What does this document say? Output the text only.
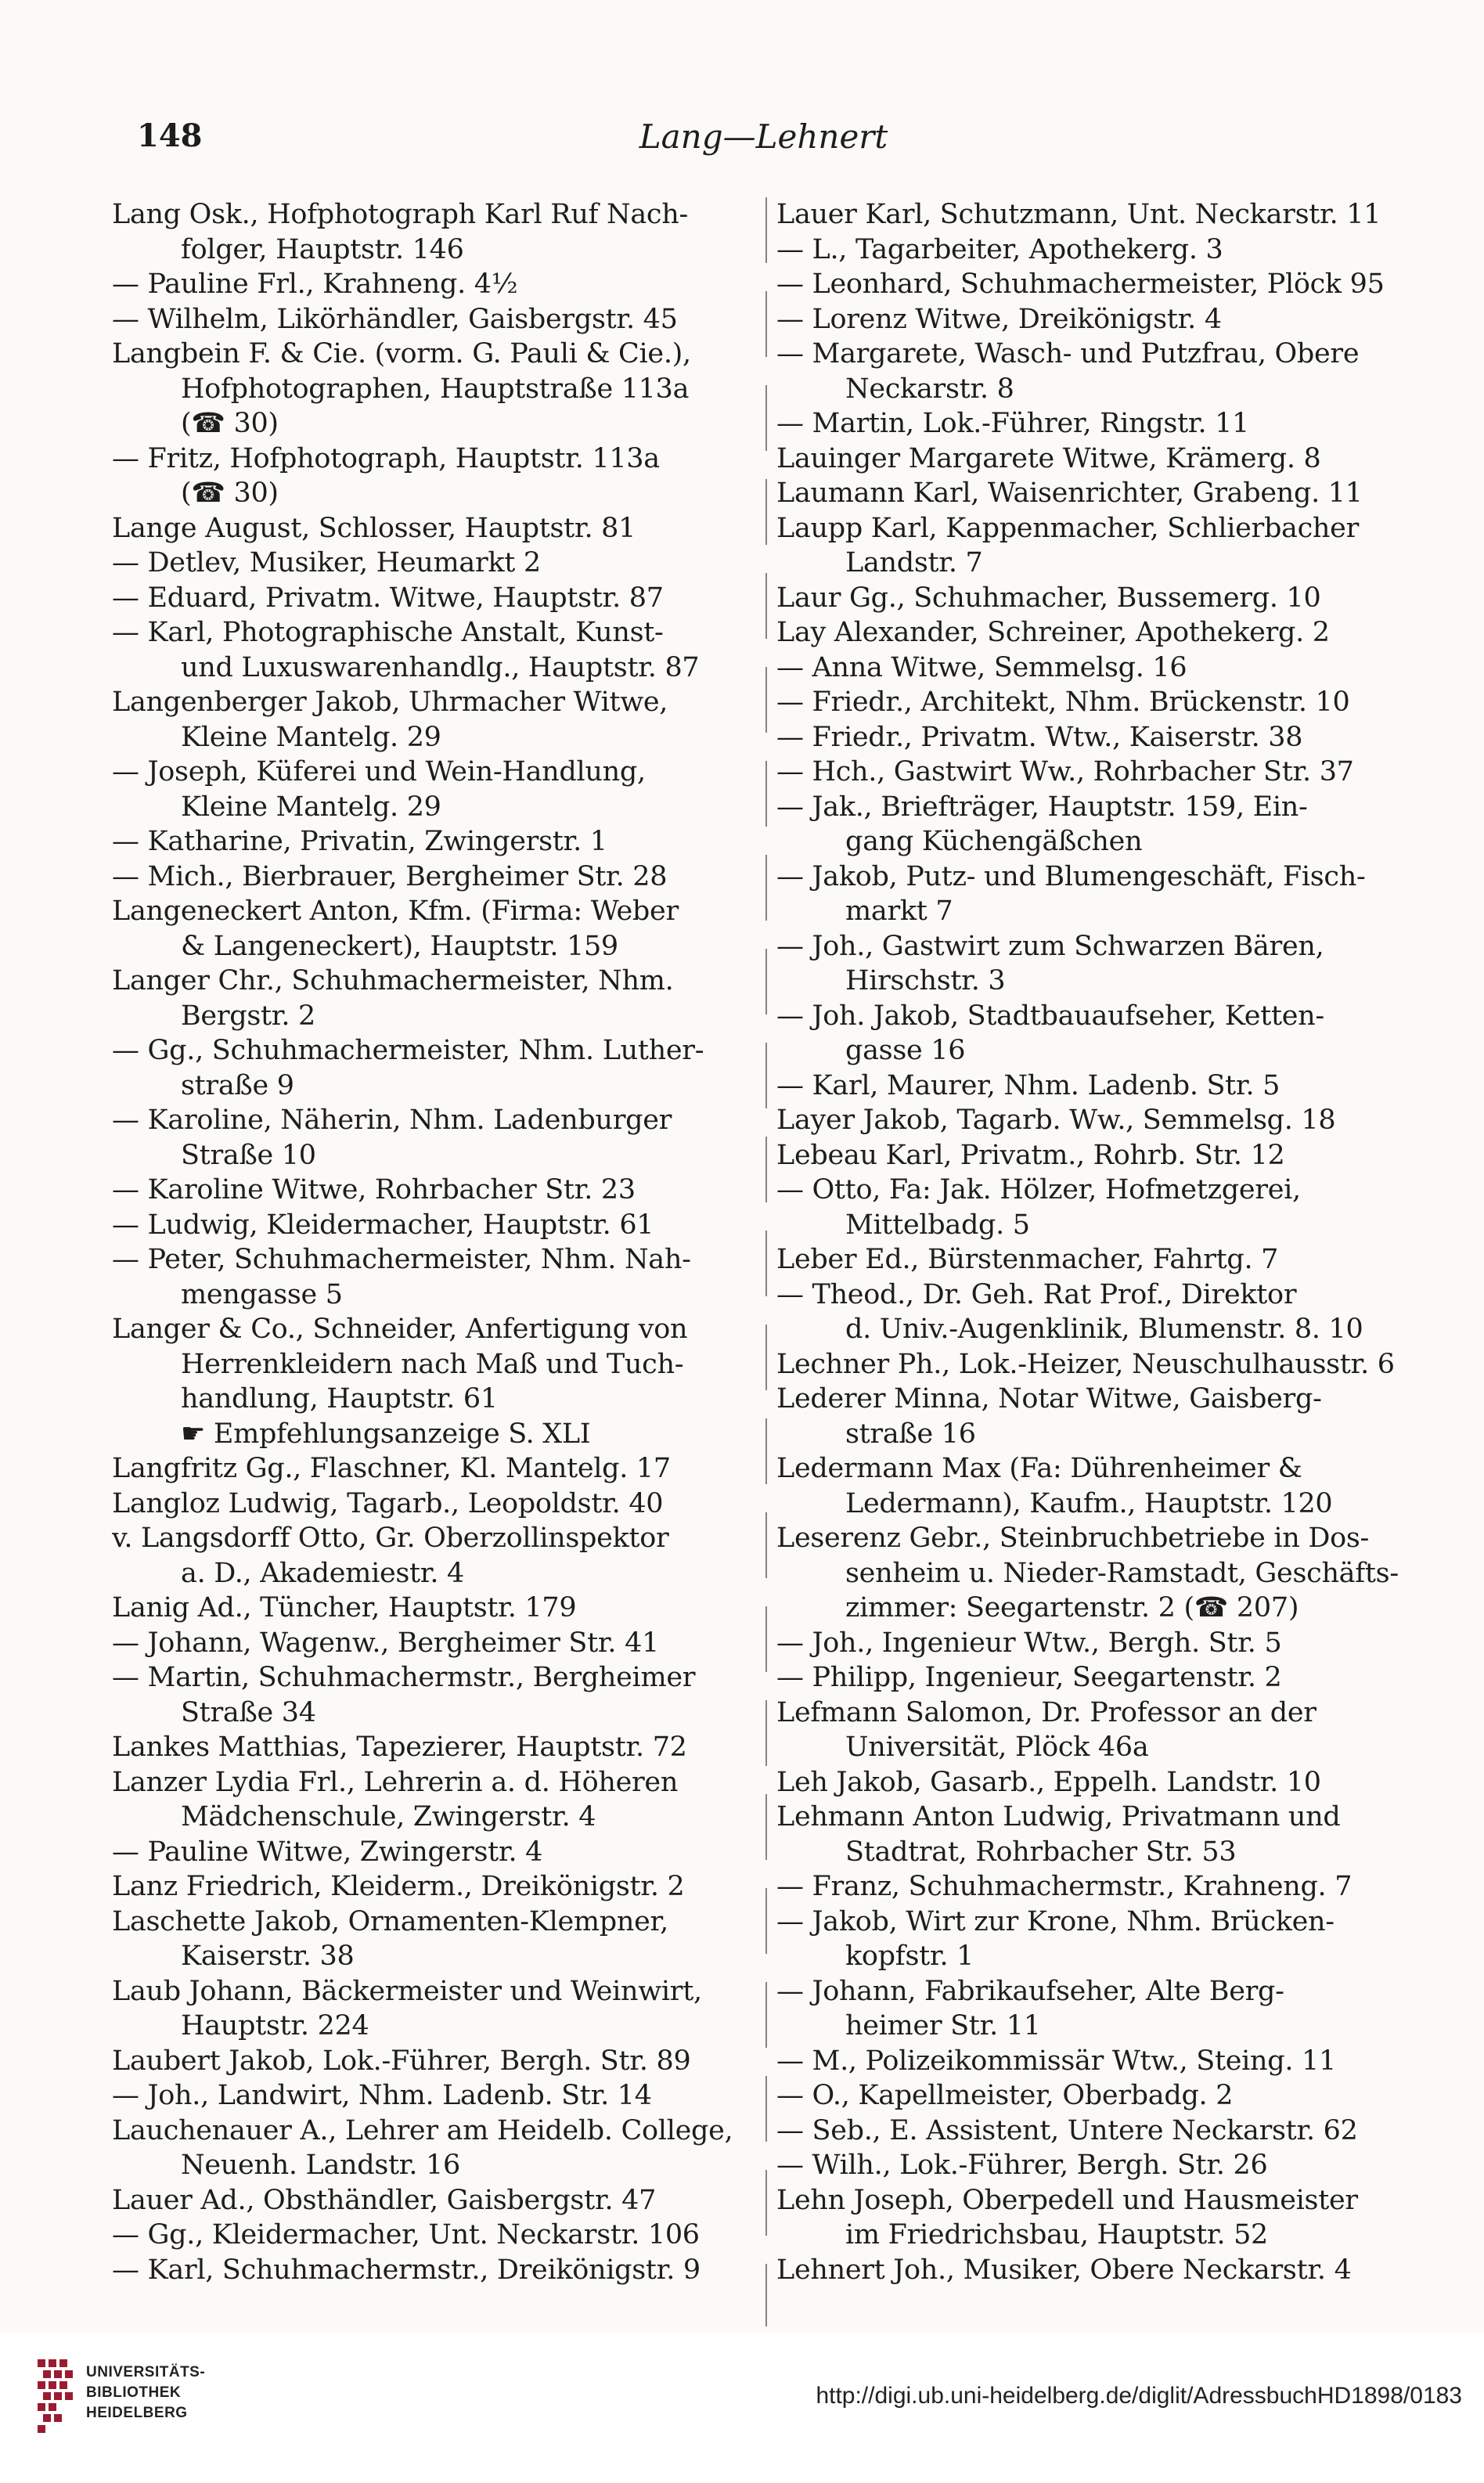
148	Lang—Lehnert
Lang Osk., Hofphotograph Karl Ruf Nach-
folger, Hauptstr. 146
— Pauline Frl., Krahneng. 4½
— Wilhelm, Likörhändler, Gaisbergstr. 45
Langbein F. & Cie. (vorm. G. Pauli & Cie.),
Hofphotographen, Hauptstraße 113a
(☎ 30)
— Fritz, Hofphotograph, Hauptstr. 113a
(☎ 30)
Lange August, Schlosser, Hauptstr. 81
— Detlev, Musiker, Heumarkt 2
— Eduard, Privatm. Witwe, Hauptstr. 87
— Karl, Photographische Anstalt, Kunst-
und Luxuswarenhandlg., Hauptstr. 87
Langenberger Jakob, Uhrmacher Witwe,
Kleine Mantelg. 29
— Joseph, Küferei und Wein-Handlung,
Kleine Mantelg. 29
— Katharine, Privatin, Zwingerstr. 1
— Mich., Bierbrauer, Bergheimer Str. 28
Langeneckert Anton, Kfm. (Firma: Weber
& Langeneckert), Hauptstr. 159
Langer Chr., Schuhmachermeister, Nhm.
Bergstr. 2
— Gg., Schuhmachermeister, Nhm. Luther-
straße 9
— Karoline, Näherin, Nhm. Ladenburger
Straße 10
— Karoline Witwe, Rohrbacher Str. 23
— Ludwig, Kleidermacher, Hauptstr. 61
— Peter, Schuhmachermeister, Nhm. Nah-
mengasse 5
Langer & Co., Schneider, Anfertigung von
Herrenkleidern nach Maß und Tuch-
handlung, Hauptstr. 61
☛ Empfehlungsanzeige S. XLI
Langfritz Gg., Flaschner, Kl. Mantelg. 17
Langloz Ludwig, Tagarb., Leopoldstr. 40
v. Langsdorff Otto, Gr. Oberzollinspektor
a. D., Akademiestr. 4
Lanig Ad., Tüncher, Hauptstr. 179
— Johann, Wagenw., Bergheimer Str. 41
— Martin, Schuhmachermstr., Bergheimer
Straße 34
Lankes Matthias, Tapezierer, Hauptstr. 72
Lanzer Lydia Frl., Lehrerin a. d. Höheren
Mädchenschule, Zwingerstr. 4
— Pauline Witwe, Zwingerstr. 4
Lanz Friedrich, Kleiderm., Dreikönigstr. 2
Laschette Jakob, Ornamenten-Klempner,
Kaiserstr. 38
Laub Johann, Bäckermeister und Weinwirt,
Hauptstr. 224
Laubert Jakob, Lok.-Führer, Bergh. Str. 89
— Joh., Landwirt, Nhm. Ladenb. Str. 14
Lauchenauer A., Lehrer am Heidelb. College,
Neuenh. Landstr. 16
Lauer Ad., Obsthändler, Gaisbergstr. 47
— Gg., Kleidermacher, Unt. Neckarstr. 106
— Karl, Schuhmachermstr., Dreikönigstr. 9
Lauer Karl, Schutzmann, Unt. Neckarstr. 11
— L., Tagarbeiter, Apothekerg. 3
— Leonhard, Schuhmachermeister, Plöck 95
— Lorenz Witwe, Dreikönigstr. 4
— Margarete, Wasch- und Putzfrau, Obere
Neckarstr. 8
— Martin, Lok.-Führer, Ringstr. 11
Lauinger Margarete Witwe, Krämerg. 8
Laumann Karl, Waisenrichter, Grabeng. 11
Laupp Karl, Kappenmacher, Schlierbacher
Landstr. 7
Laur Gg., Schuhmacher, Bussemerg. 10
Lay Alexander, Schreiner, Apothekerg. 2
— Anna Witwe, Semmelsg. 16
— Friedr., Architekt, Nhm. Brückenstr. 10
— Friedr., Privatm. Wtw., Kaiserstr. 38
— Hch., Gastwirt Ww., Rohrbacher Str. 37
— Jak., Briefträger, Hauptstr. 159, Ein-
gang Küchengäßchen
— Jakob, Putz- und Blumengeschäft, Fisch-
markt 7
— Joh., Gastwirt zum Schwarzen Bären,
Hirschstr. 3
— Joh. Jakob, Stadtbauaufseher, Ketten-
gasse 16
— Karl, Maurer, Nhm. Ladenb. Str. 5
Layer Jakob, Tagarb. Ww., Semmelsg. 18
Lebeau Karl, Privatm., Rohrb. Str. 12
— Otto, Fa: Jak. Hölzer, Hofmetzgerei,
Mittelbadg. 5
Leber Ed., Bürstenmacher, Fahrtg. 7
— Theod., Dr. Geh. Rat Prof., Direktor
d. Univ.-Augenklinik, Blumenstr. 8. 10
Lechner Ph., Lok.-Heizer, Neuschulhausstr. 6
Lederer Minna, Notar Witwe, Gaisberg-
straße 16
Ledermann Max (Fa: Dührenheimer &
Ledermann), Kaufm., Hauptstr. 120
Leserenz Gebr., Steinbruchbetriebe in Dos-
senheim u. Nieder-Ramstadt, Geschäfts-
zimmer: Seegartenstr. 2 (☎ 207)
— Joh., Ingenieur Wtw., Bergh. Str. 5
— Philipp, Ingenieur, Seegartenstr. 2
Lefmann Salomon, Dr. Professor an der
Universität, Plöck 46a
Leh Jakob, Gasarb., Eppelh. Landstr. 10
Lehmann Anton Ludwig, Privatmann und
Stadtrat, Rohrbacher Str. 53
— Franz, Schuhmachermstr., Krahneng. 7
— Jakob, Wirt zur Krone, Nhm. Brücken-
kopfstr. 1
— Johann, Fabrikaufseher, Alte Berg-
heimer Str. 11
— M., Polizeikommissär Wtw., Steing. 11
— O., Kapellmeister, Oberbadg. 2
— Seb., E. Assistent, Untere Neckarstr. 62
— Wilh., Lok.-Führer, Bergh. Str. 26
Lehn Joseph, Oberpedell und Hausmeister
im Friedrichsbau, Hauptstr. 52
Lehnert Joh., Musiker, Obere Neckarstr. 4
UNIVERSITÄTS-
BIBLIOTHEK
HEIDELBERG
http://digi.ub.uni-heidelberg.de/diglit/AdressbuchHD1898/0183
